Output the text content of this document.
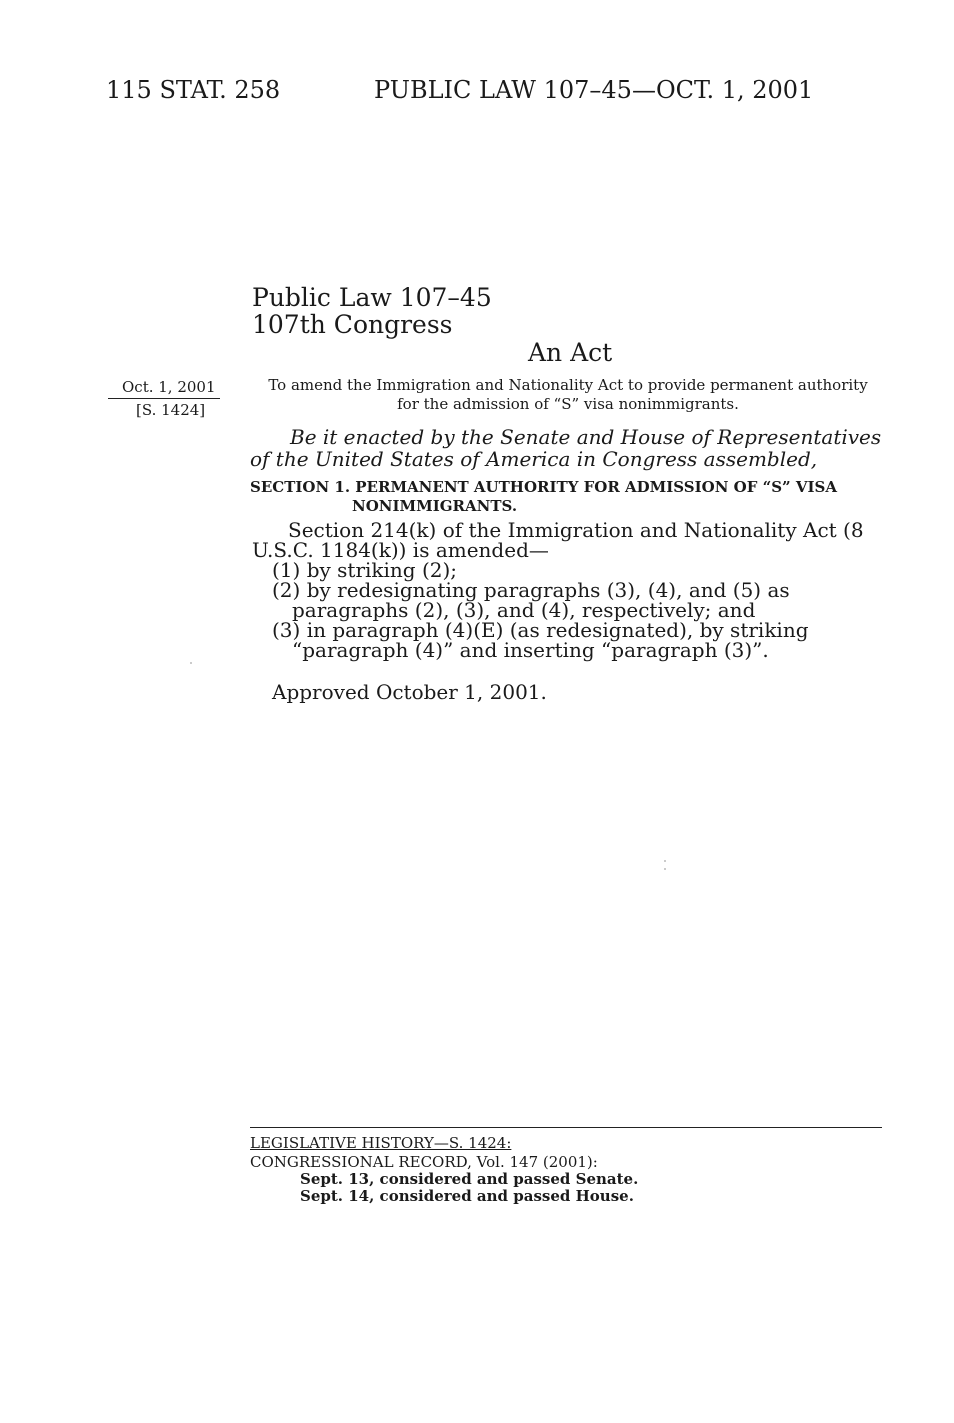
115 STAT. 258	PUBLIC LAW 107–45—OCT. 1, 2001
Public Law 107–45
107th Congress
An Act
Oct. 1, 2001
[S. 1424]
To amend the Immigration and Nationality Act to provide permanent authority
for the admission of “S” visa nonimmigrants.
Be it enacted by the Senate and House of Representatives of the United States of America in Congress assembled,
SECTION 1. PERMANENT AUTHORITY FOR ADMISSION OF “S” VISA
NONIMMIGRANTS.

Section 214(k) of the Immigration and Nationality Act (8 U.S.C. 1184(k)) is amended—

(1) by striking (2);

(2) by redesignating paragraphs (3), (4), and (5) as paragraphs (2), (3), and (4), respectively; and

(3) in paragraph (4)(E) (as redesignated), by striking “paragraph (4)” and inserting “paragraph (3)”.

Approved October 1, 2001.
LEGISLATIVE HISTORY—S. 1424:
CONGRESSIONAL RECORD, Vol. 147 (2001):
Sept. 13, considered and passed Senate.
Sept. 14, considered and passed House.
